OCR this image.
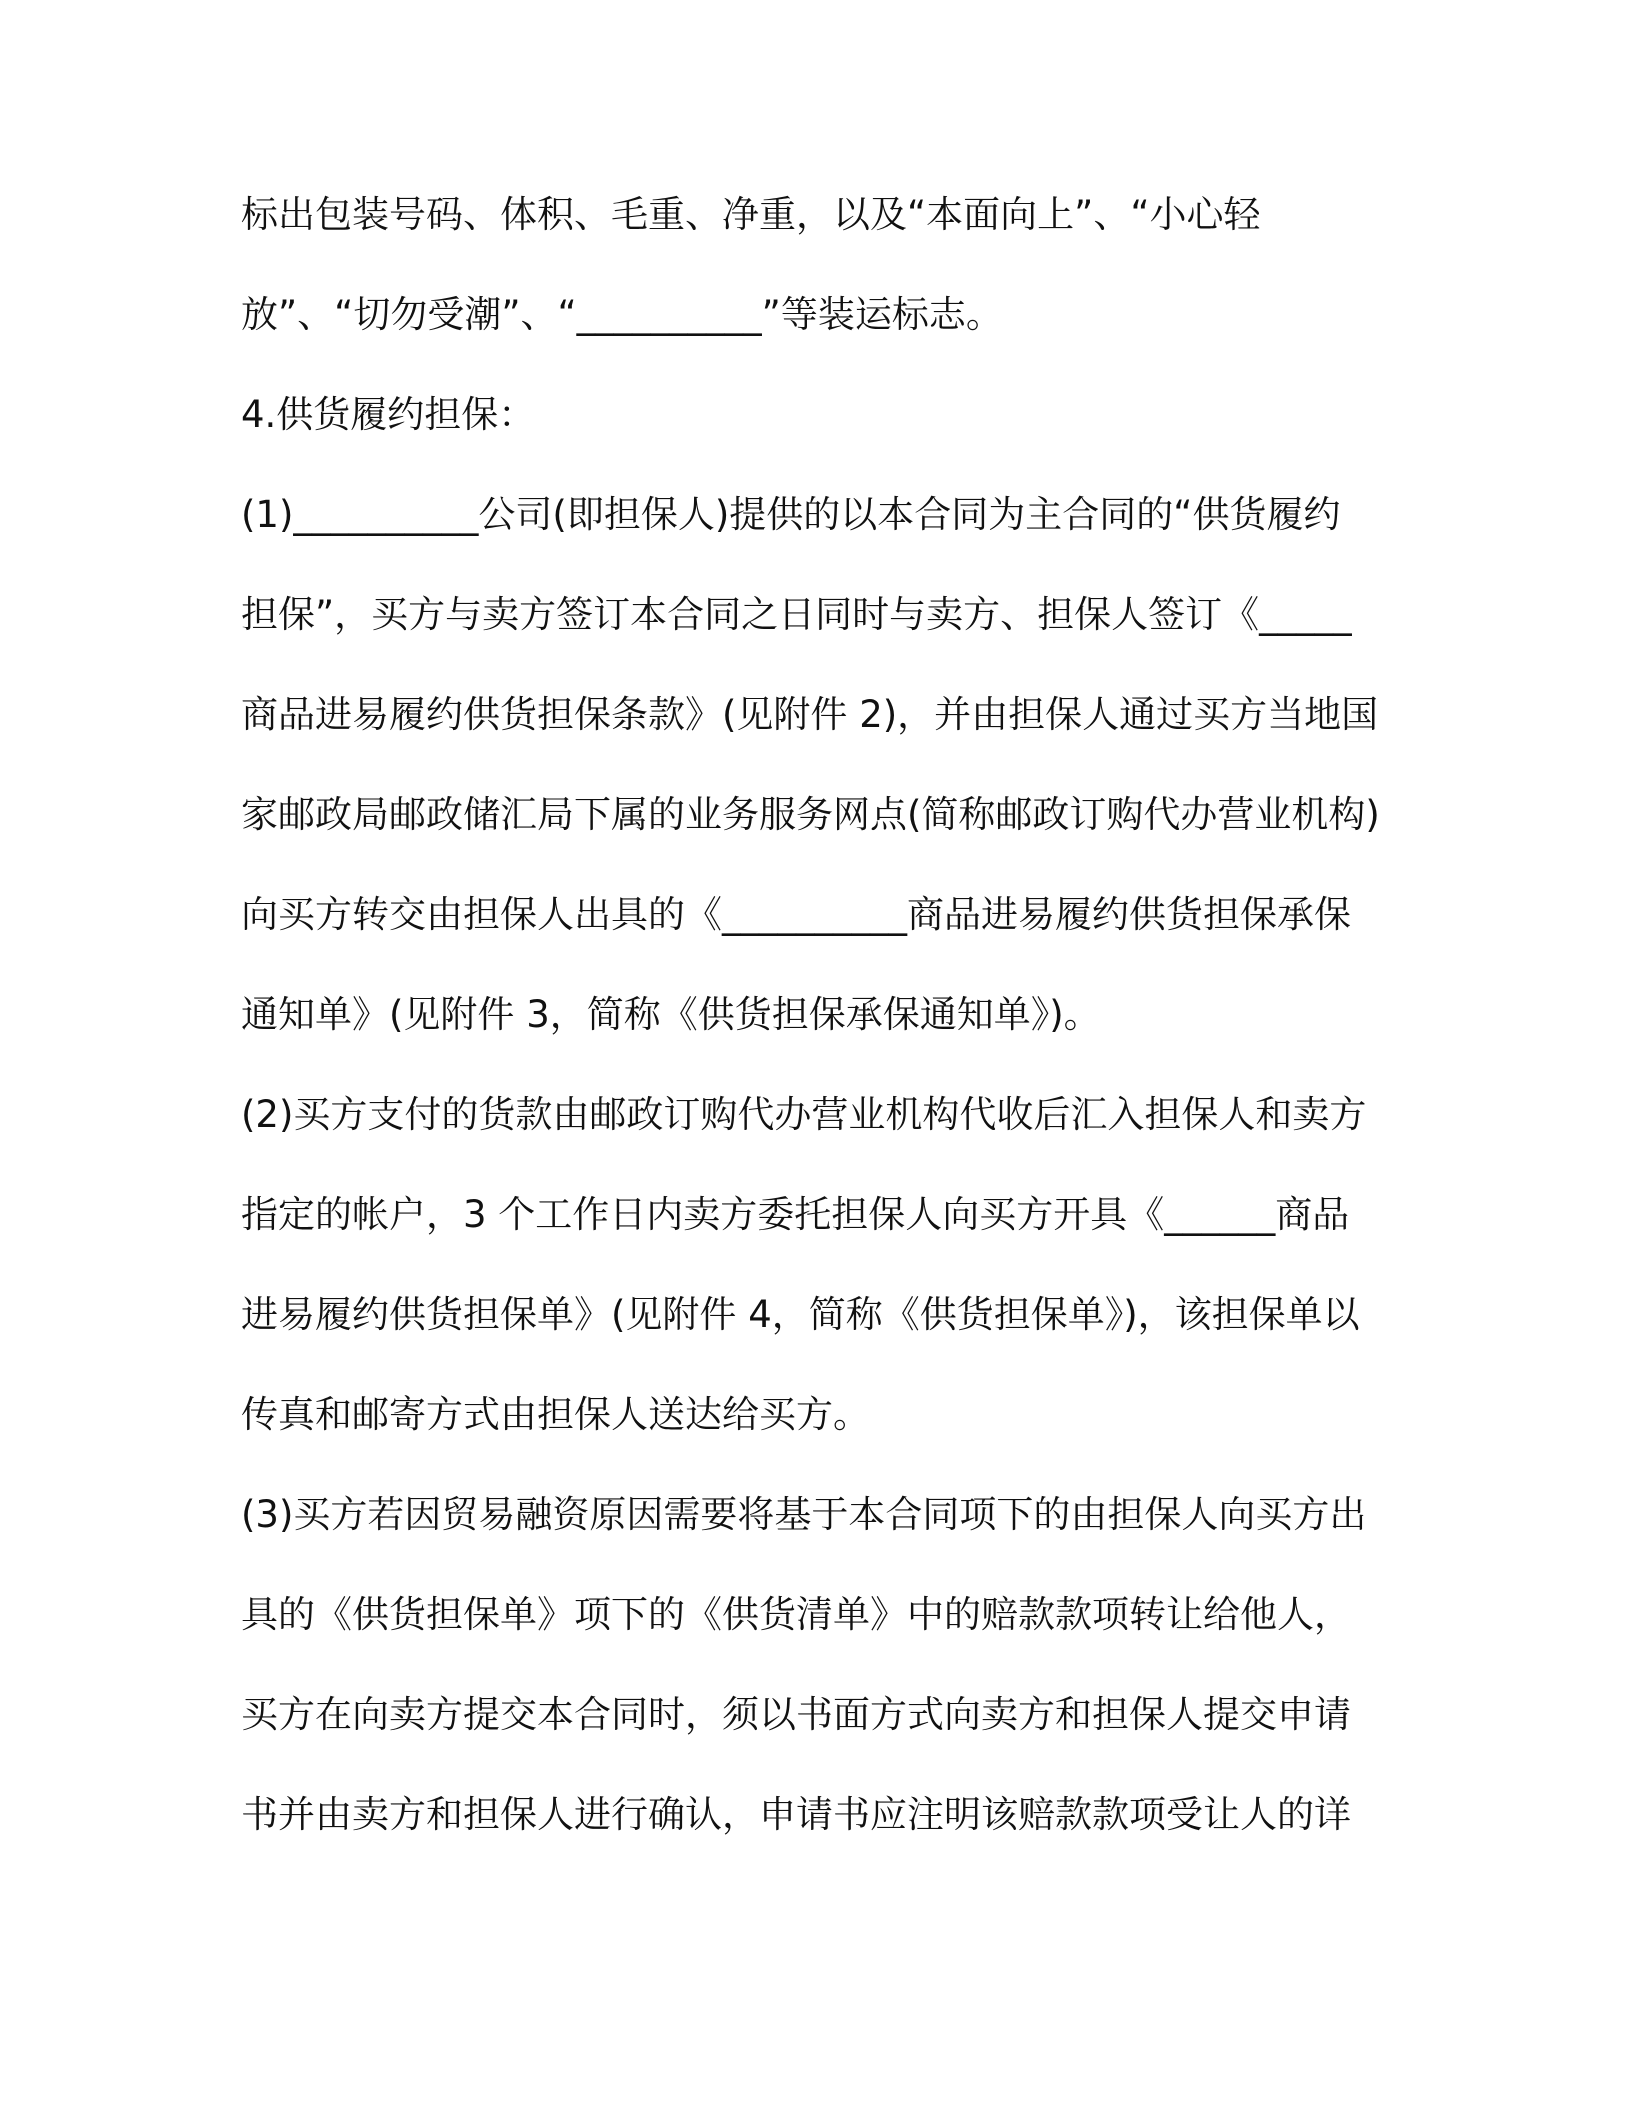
标出包装号码、体积、毛重、净重，以及“本面向上”、“小心轻
放”、“切勿受潮”、“__________”等装运标志。
4.供货履约担保：
(1)__________公司(即担保人)提供的以本合同为主合同的“供货履约
担保”，买方与卖方签订本合同之日同时与卖方、担保人签订《_____
商品进易履约供货担保条款》(见附件 2)，并由担保人通过买方当地国
家邮政局邮政储汇局下属的业务服务网点(简称邮政订购代办营业机构)
向买方转交由担保人出具的《__________商品进易履约供货担保承保
通知单》(见附件 3，简称《供货担保承保通知单》)。
(2)买方支付的货款由邮政订购代办营业机构代收后汇入担保人和卖方
指定的帐户，3 个工作日内卖方委托担保人向买方开具《______商品
进易履约供货担保单》(见附件 4，简称《供货担保单》)，该担保单以
传真和邮寄方式由担保人送达给买方。
(3)买方若因贸易融资原因需要将基于本合同项下的由担保人向买方出
具的《供货担保单》项下的《供货清单》中的赔款款项转让给他人，
买方在向卖方提交本合同时，须以书面方式向卖方和担保人提交申请
书并由卖方和担保人进行确认，申请书应注明该赔款款项受让人的详
